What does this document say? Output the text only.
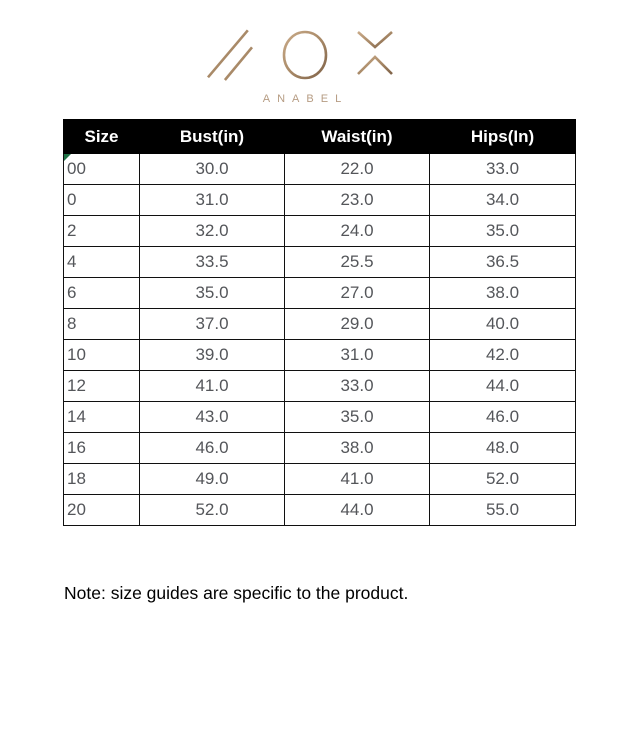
ANABEL
Size	Bust(in)	Waist(in)	Hips(In)
00	30.0	22.0	33.0
0	31.0	23.0	34.0
2	32.0	24.0	35.0
4	33.5	25.5	36.5
6	35.0	27.0	38.0
8	37.0	29.0	40.0
10	39.0	31.0	42.0
12	41.0	33.0	44.0
14	43.0	35.0	46.0
16	46.0	38.0	48.0
18	49.0	41.0	52.0
20	52.0	44.0	55.0
Note: size guides are specific to the product.
